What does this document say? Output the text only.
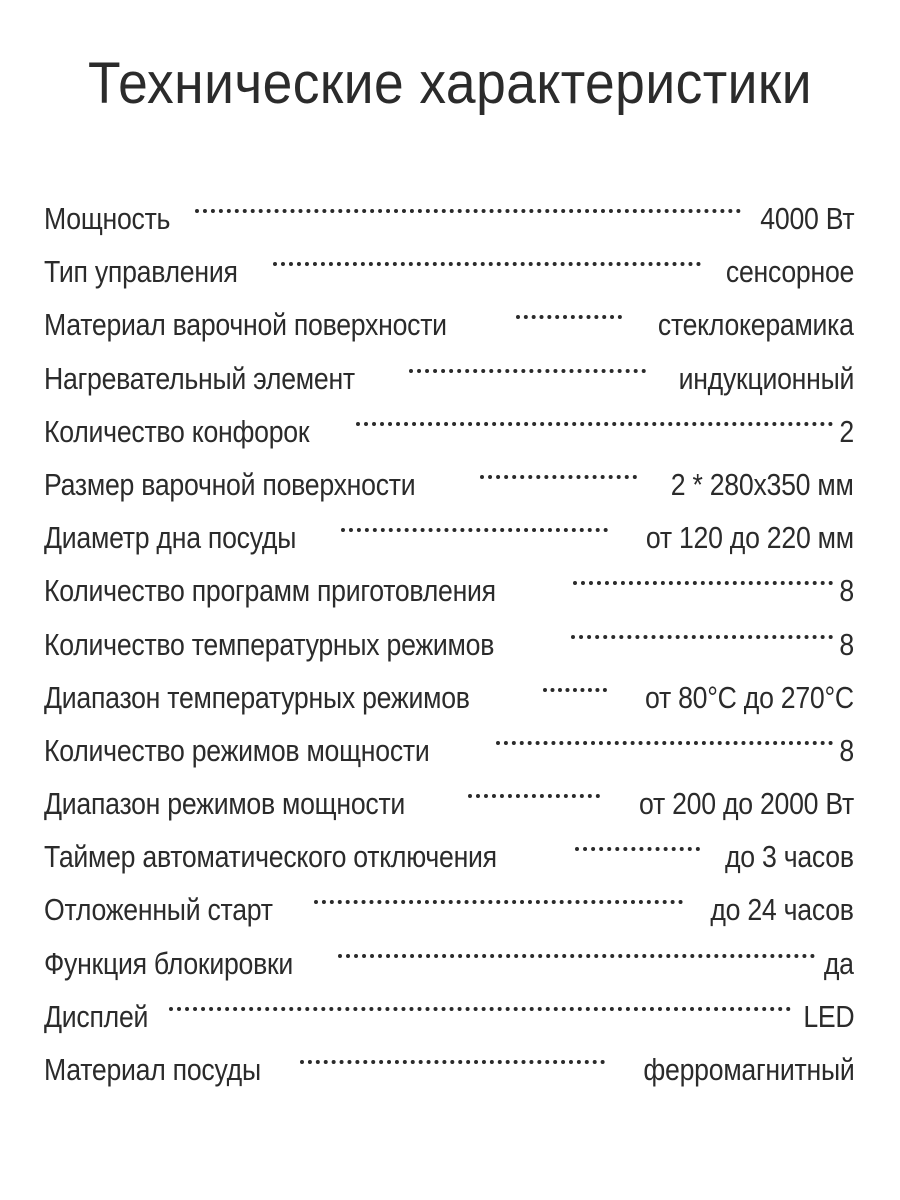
Технические характеристики
Мощность	4000 Вт
Тип управления	сенсорное
Материал варочной поверхности	стеклокерамика
Нагревательный элемент	индукционный
Количество конфорок	2
Размер варочной поверхности	2 * 280х350 мм
Диаметр дна посуды	от 120 до 220 мм
Количество программ приготовления	8
Количество температурных режимов	8
Диапазон температурных режимов	от 80°С до 270°С
Количество режимов мощности	8
Диапазон режимов мощности	от 200 до 2000 Вт
Таймер автоматического отключения	до 3 часов
Отложенный старт	до 24 часов
Функция блокировки	да
Дисплей	LED
Материал посуды	ферромагнитный
